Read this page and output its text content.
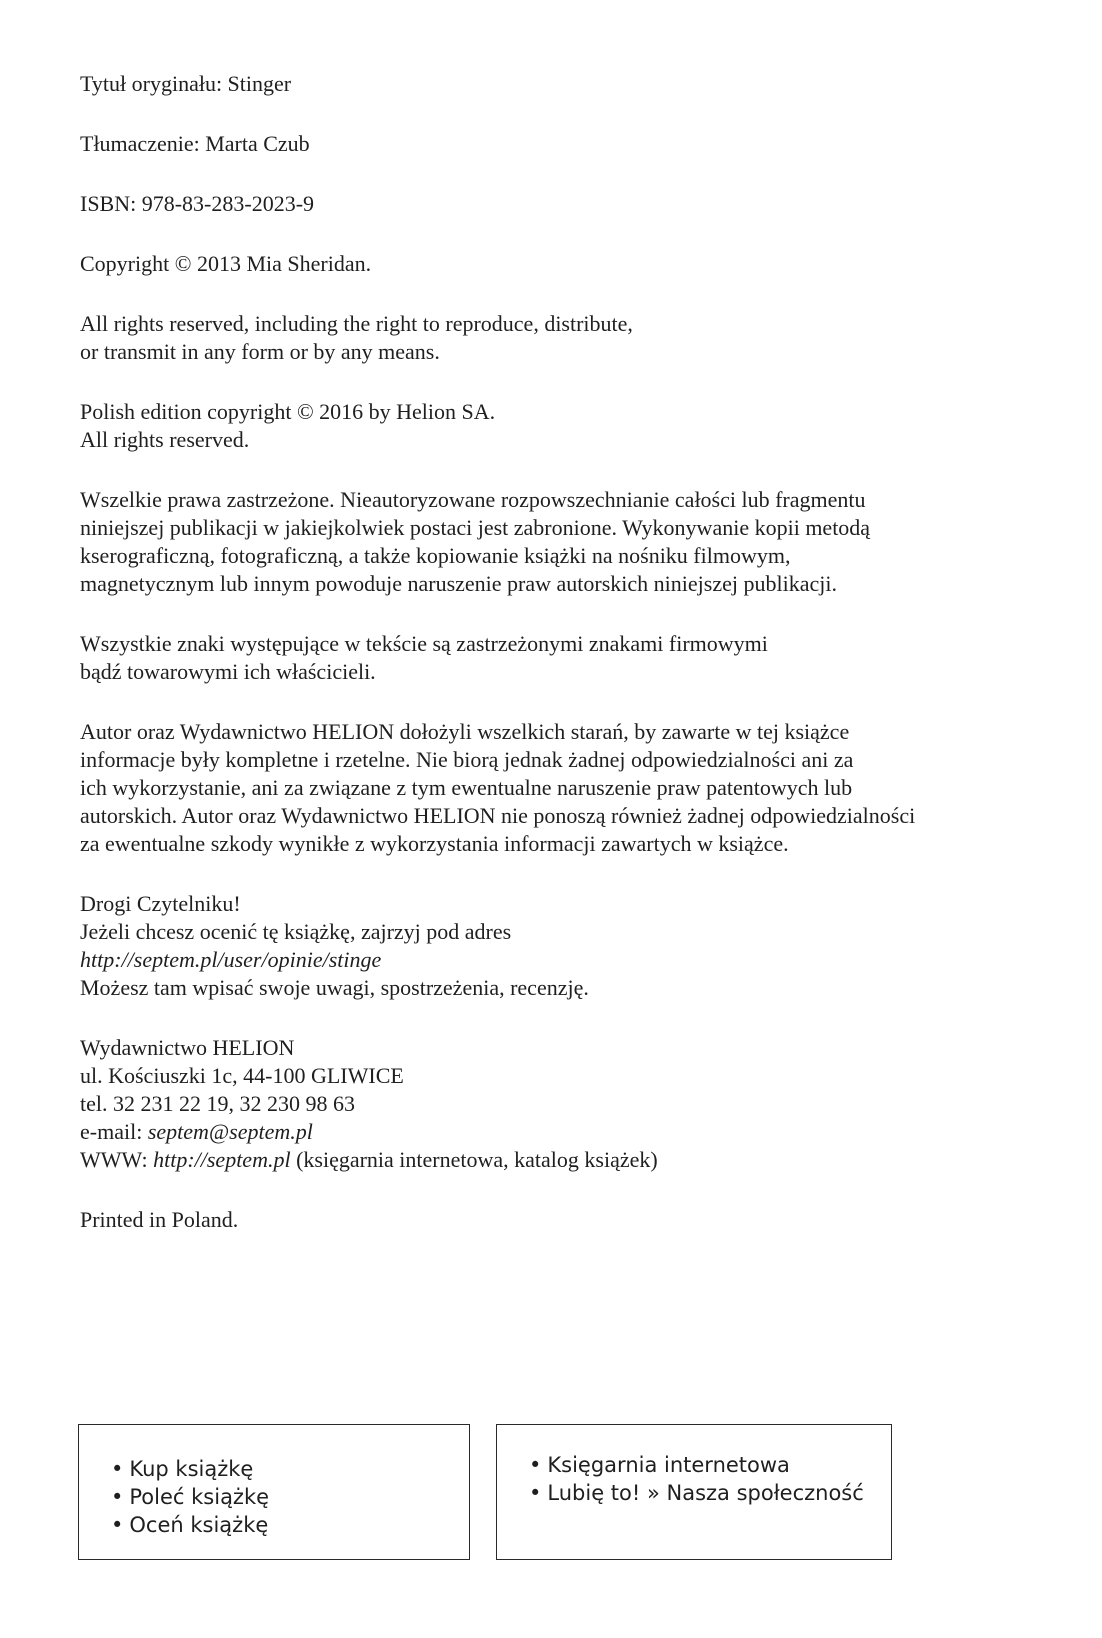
Tytuł oryginału: Stinger

Tłumaczenie: Marta Czub

ISBN: 978-83-283-2023-9

Copyright © 2013 Mia Sheridan.

All rights reserved, including the right to reproduce, distribute,
or transmit in any form or by any means.

Polish edition copyright © 2016 by Helion SA.
All rights reserved.

Wszelkie prawa zastrzeżone. Nieautoryzowane rozpowszechnianie całości lub fragmentu
niniejszej publikacji w jakiejkolwiek postaci jest zabronione. Wykonywanie kopii metodą
kserograficzną, fotograficzną, a także kopiowanie książki na nośniku filmowym,
magnetycznym lub innym powoduje naruszenie praw autorskich niniejszej publikacji.

Wszystkie znaki występujące w tekście są zastrzeżonymi znakami firmowymi
bądź towarowymi ich właścicieli.

Autor oraz Wydawnictwo HELION dołożyli wszelkich starań, by zawarte w tej książce
informacje były kompletne i rzetelne. Nie biorą jednak żadnej odpowiedzialności ani za
ich wykorzystanie, ani za związane z tym ewentualne naruszenie praw patentowych lub
autorskich. Autor oraz Wydawnictwo HELION nie ponoszą również żadnej odpowiedzialności
za ewentualne szkody wynikłe z wykorzystania informacji zawartych w książce.

Drogi Czytelniku!
Jeżeli chcesz ocenić tę książkę, zajrzyj pod adres
http://septem.pl/user/opinie/stinge
Możesz tam wpisać swoje uwagi, spostrzeżenia, recenzję.

Wydawnictwo HELION
ul. Kościuszki 1c, 44-100 GLIWICE
tel. 32 231 22 19, 32 230 98 63
e-mail: septem@septem.pl
WWW: http://septem.pl (księgarnia internetowa, katalog książek)

Printed in Poland.

• Kup książkę
• Poleć książkę
• Oceń książkę
• Księgarnia internetowa
• Lubię to! » Nasza społeczność
